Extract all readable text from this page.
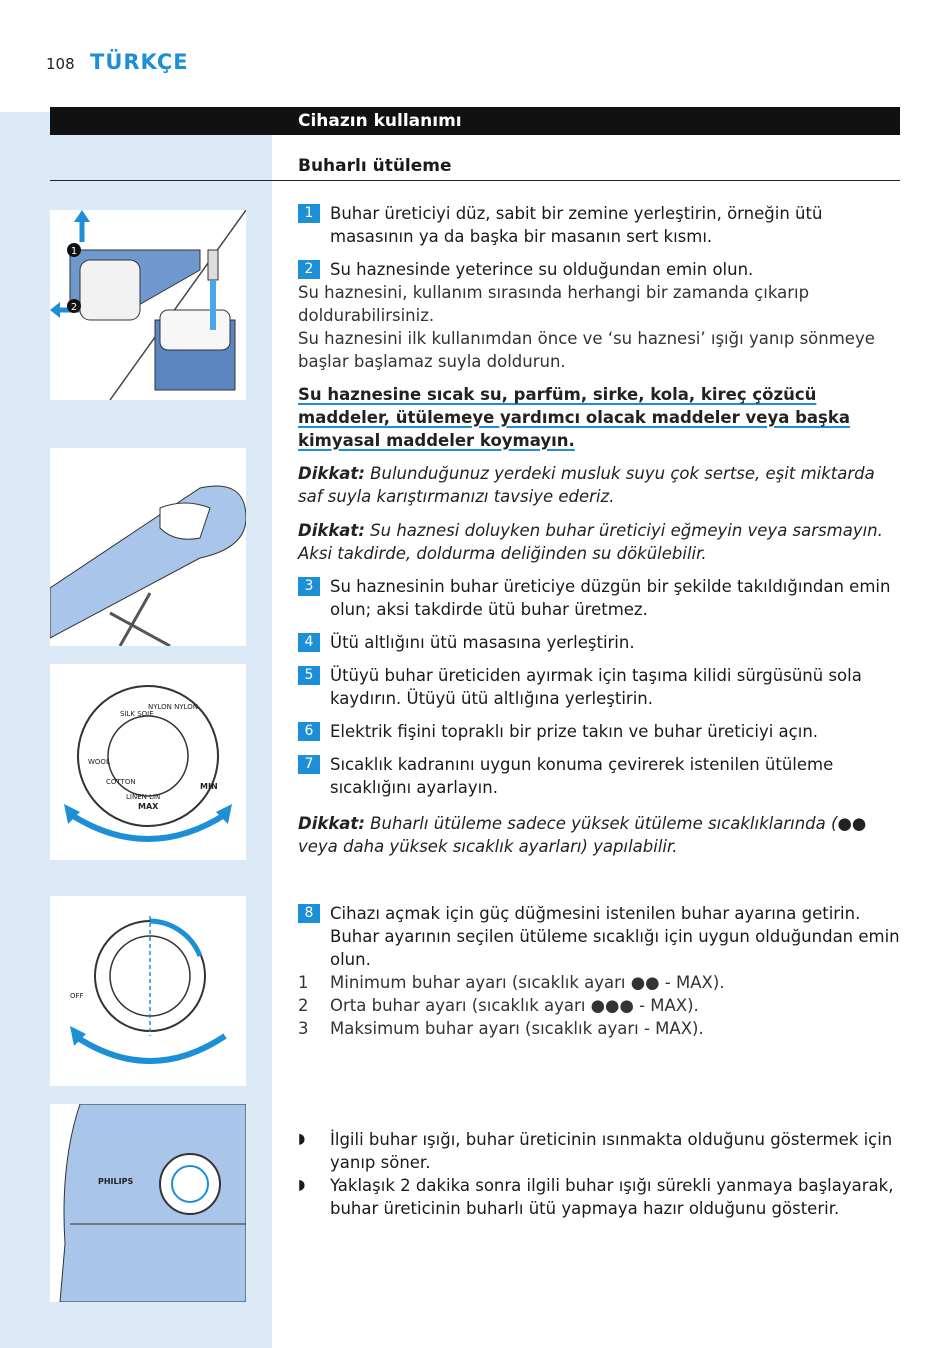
108 TÜRKÇE
Cihazın kullanımı
Buharlı ütüleme
1
2
SILK SOIE
NYLON NYLON
COTTON
LINEN LIN
MAX
MIN
WOOL
OFF
PHILIPS
1	Buhar üreticiyi düz, sabit bir zemine yerleştirin, örneğin ütü masasının ya da başka bir masanın sert kısmı.
2	Su haznesinde yeterince su olduğundan emin olun.
Su haznesini, kullanım sırasında herhangi bir zamanda çıkarıp doldurabilirsiniz.
Su haznesini ilk kullanımdan önce ve ‘su haznesi’ ışığı yanıp sönmeye başlar başlamaz suyla doldurun.
Su haznesine sıcak su, parfüm, sirke, kola, kireç çözücü maddeler, ütülemeye yardımcı olacak maddeler veya başka kimyasal maddeler koymayın.
Dikkat: Bulunduğunuz yerdeki musluk suyu çok sertse, eşit miktarda saf suyla karıştırmanızı tavsiye ederiz.
Dikkat: Su haznesi doluyken buhar üreticiyi eğmeyin veya sarsmayın. Aksi takdirde, doldurma deliğinden su dökülebilir.
3	Su haznesinin buhar üreticiye düzgün bir şekilde takıldığından emin olun; aksi takdirde ütü buhar üretmez.
4	Ütü altlığını ütü masasına yerleştirin.
5	Ütüyü buhar üreticiden ayırmak için taşıma kilidi sürgüsünü sola kaydırın. Ütüyü ütü altlığına yerleştirin.
6	Elektrik fişini topraklı bir prize takın ve buhar üreticiyi açın.
7	Sıcaklık kadranını uygun konuma çevirerek istenilen ütüleme sıcaklığını ayarlayın.
Dikkat: Buharlı ütüleme sadece yüksek ütüleme sıcaklıklarında (●● veya daha yüksek sıcaklık ayarları) yapılabilir.
8	Cihazı açmak için güç düğmesini istenilen buhar ayarına getirin. Buhar ayarının seçilen ütüleme sıcaklığı için uygun olduğundan emin olun.
1	Minimum buhar ayarı (sıcaklık ayarı ●● - MAX).
2	Orta buhar ayarı (sıcaklık ayarı ●●● - MAX).
3	Maksimum buhar ayarı (sıcaklık ayarı - MAX).
◗	İlgili buhar ışığı, buhar üreticinin ısınmakta olduğunu göstermek için yanıp söner.
◗	Yaklaşık 2 dakika sonra ilgili buhar ışığı sürekli yanmaya başlayarak, buhar üreticinin buharlı ütü yapmaya hazır olduğunu gösterir.
